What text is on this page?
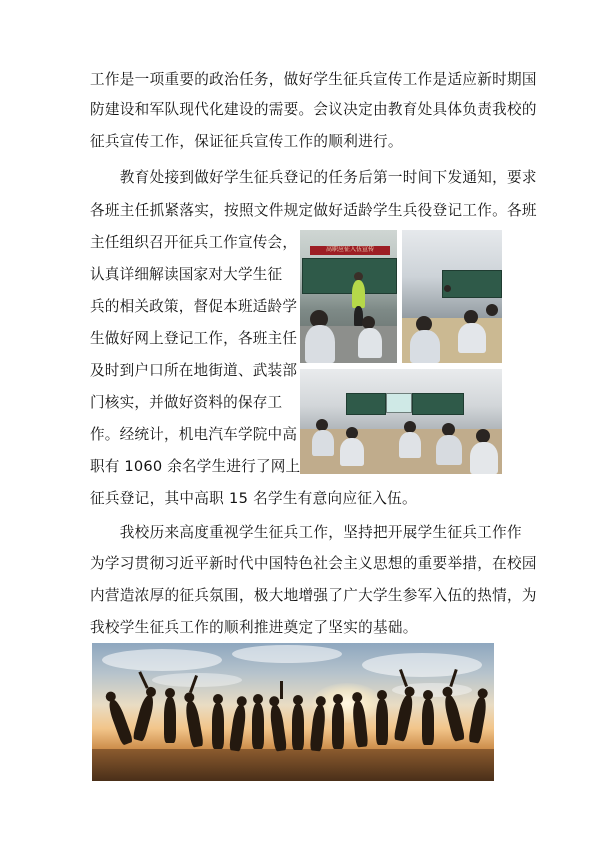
工作是一项重要的政治任务，做好学生征兵宣传工作是适应新时期国
防建设和军队现代化建设的需要。会议决定由教育处具体负责我校的
征兵宣传工作，保证征兵宣传工作的顺利进行。
　　教育处接到做好学生征兵登记的任务后第一时间下发通知，要求
各班主任抓紧落实，按照文件规定做好适龄学生兵役登记工作。各班
主任组织召开征兵工作宣传会，
认真详细解读国家对大学生征
兵的相关政策，督促本班适龄学
生做好网上登记工作，各班主任
及时到户口所在地街道、武装部
门核实，并做好资料的保存工
作。经统计，机电汽车学院中高
职有 1060 余名学生进行了网上
征兵登记，其中高职 15 名学生有意向应征入伍。
高职应征入伍宣传
　　我校历来高度重视学生征兵工作，坚持把开展学生征兵工作作
为学习贯彻习近平新时代中国特色社会主义思想的重要举措，在校园
内营造浓厚的征兵氛围，极大地增强了广大学生参军入伍的热情，为
我校学生征兵工作的顺利推进奠定了坚实的基础。
